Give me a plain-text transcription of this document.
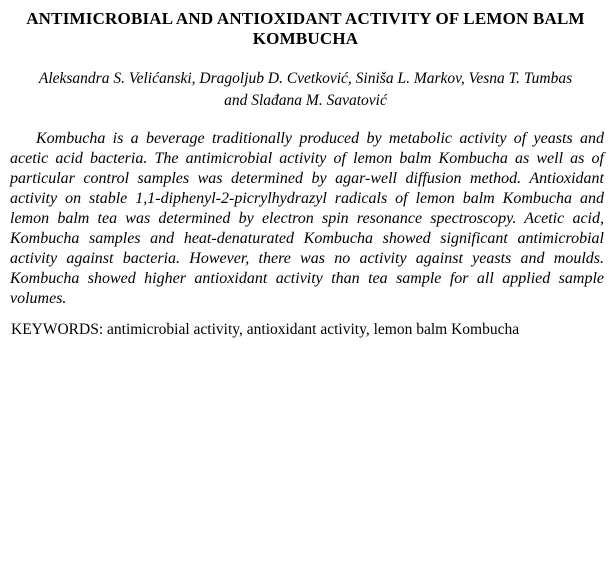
ANTIMICROBIAL AND ANTIOXIDANT ACTIVITY OF LEMON BALM
KOMBUCHA
Aleksandra S. Velićanski, Dragoljub D. Cvetković, Siniša L. Markov, Vesna T. Tumbas
and Slađana M. Savatović
Kombucha is a beverage traditionally produced by metabolic activity of yeasts and
acetic acid bacteria. The antimicrobial activity of lemon balm Kombucha as well as of
particular control samples was determined by agar-well diffusion method. Antioxidant
activity on stable 1,1-diphenyl-2-picrylhydrazyl radicals of lemon balm Kombucha and
lemon balm tea was determined by electron spin resonance spectroscopy. Acetic acid,
Kombucha samples and heat-denaturated Kombucha showed significant antimicrobial
activity against bacteria. However, there was no activity against yeasts and moulds.
Kombucha showed higher antioxidant activity than tea sample for all applied sample
volumes.
KEYWORDS: antimicrobial activity, antioxidant activity, lemon balm Kombucha
